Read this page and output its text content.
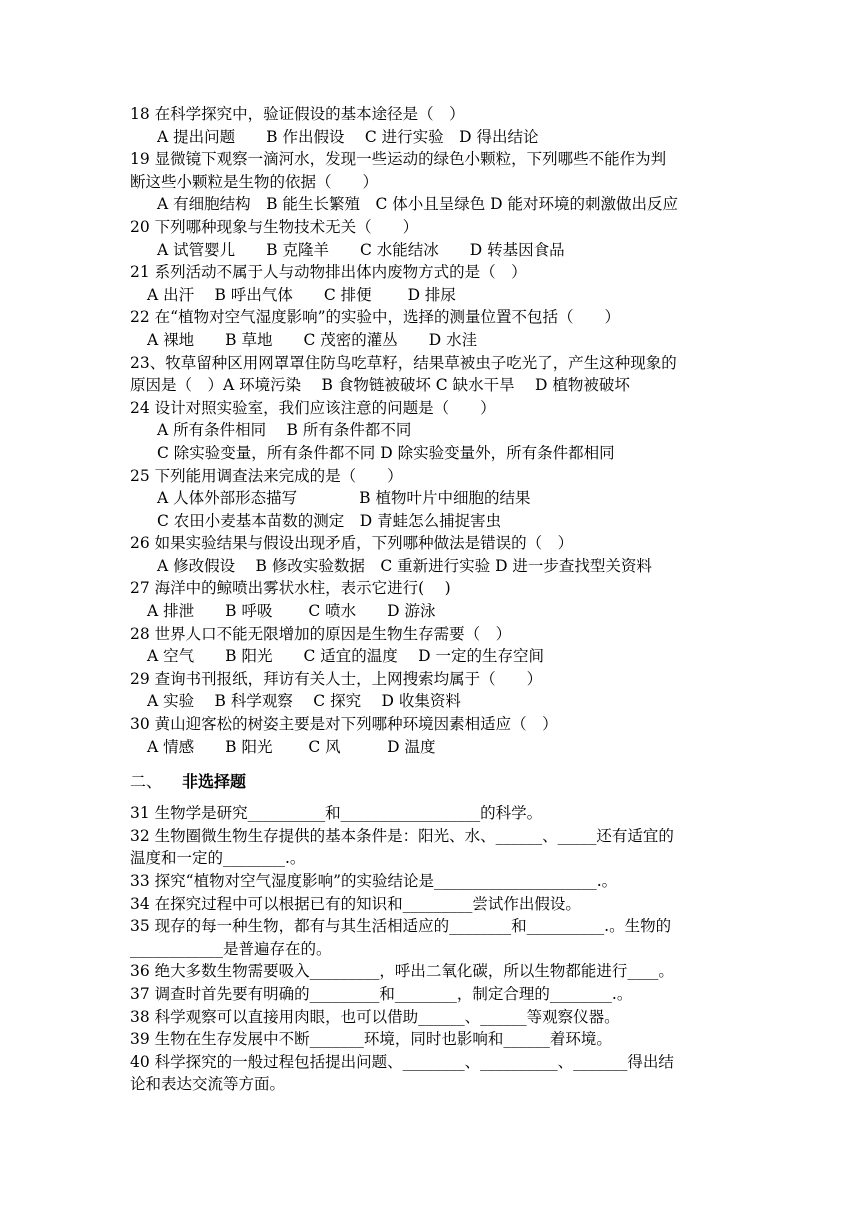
18 在科学探究中，验证假设的基本途径是（　）
A 提出问题　　B 作出假设　 C 进行实验　D 得出结论
19 显微镜下观察一滴河水，发现一些运动的绿色小颗粒，下列哪些不能作为判
断这些小颗粒是生物的依据（　　）
A 有细胞结构　B 能生长繁殖　C 体小且呈绿色 D 能对环境的刺激做出反应
20 下列哪种现象与生物技术无关（　　）
A 试管婴儿　　B 克隆羊　　C 水能结冰　　D 转基因食品
21 系列活动不属于人与动物排出体内废物方式的是（　）
A 出汗　 B 呼出气体　　C 排便　　 D 排尿
22 在“植物对空气湿度影响”的实验中，选择的测量位置不包括（　　）
A 裸地　　B 草地　　C 茂密的灌丛　　D 水洼
23、牧草留种区用网罩罩住防鸟吃草籽，结果草被虫子吃光了，产生这种现象的
原因是（　）A 环境污染　 B 食物链被破坏 C 缺水干旱　 D 植物被破坏
24 设计对照实验室，我们应该注意的问题是（　　）
A 所有条件相同　 B 所有条件都不同
C 除实验变量，所有条件都不同 D 除实验变量外，所有条件都相同
25 下列能用调查法来完成的是（　　）
A 人体外部形态描写　　　　B 植物叶片中细胞的结果
C 农田小麦基本苗数的测定　D 青蛙怎么捕捉害虫
26 如果实验结果与假设出现矛盾，下列哪种做法是错误的（　）
A 修改假设　 B 修改实验数据　C 重新进行实验 D 进一步查找型关资料
27 海洋中的鲸喷出雾状水柱，表示它进行(　 )
A 排泄　　B 呼吸　　 C 喷水　　D 游泳
28 世界人口不能无限增加的原因是生物生存需要（　）
A 空气　　B 阳光　　C 适宜的温度　 D 一定的生存空间
29 查询书刊报纸，拜访有关人士，上网搜索均属于（　　）
A 实验　 B 科学观察　 C 探究　 D 收集资料
30 黄山迎客松的树姿主要是对下列哪种环境因素相适应（　）
A 情感　　B 阳光　　 C 风　　　D 温度
二、 非选择题
31 生物学是研究__________和__________________的科学。
32 生物圈微生物生存提供的基本条件是：阳光、水、______、_____还有适宜的
温度和一定的________.。
33 探究“植物对空气湿度影响”的实验结论是_____________________.。
34 在探究过程中可以根据已有的知识和_________尝试作出假设。
35 现存的每一种生物，都有与其生活相适应的________和__________.。生物的
____________是普遍存在的。
36 绝大多数生物需要吸入_________，呼出二氧化碳，所以生物都能进行____。
37 调查时首先要有明确的_________和________，制定合理的________.。
38 科学观察可以直接用肉眼，也可以借助______、______等观察仪器。
39 生物在生存发展中不断_______环境，同时也影响和______着环境。
40 科学探究的一般过程包括提出问题、________、__________、_______得出结
论和表达交流等方面。
